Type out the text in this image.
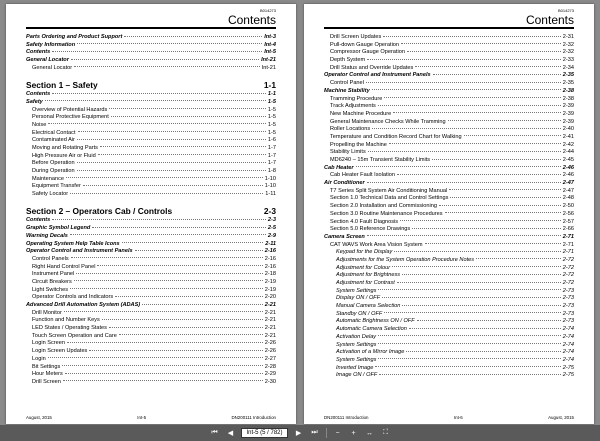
B014273
Contents
Parts Ordering and Product Support	Int-3
Safety Information	Int-4
Contents	Int-5
General Locator	Int-21
General Locator	Int-21
Section 1 – Safety	1-1
Contents	1-1
Safety	1-5
Overview of Potential Hazards	1-5
Personal Protective Equipment	1-5
Noise	1-5
Electrical Contact	1-5
Contaminated Air	1-6
Moving and Rotating Parts	1-7
High Pressure Air or Fluid	1-7
Before Operation	1-7
During Operation	1-8
Maintenance	1-10
Equipment Transfer	1-10
Safety Locator	1-11
Section 2 – Operators Cab / Controls	2-3
Contents	2-3
Graphic Symbol Legend	2-5
Warning Decals	2-9
Operating System Help Table Icons	2-11
Operator Control and Instrument Panels	2-16
Control Panels	2-16
Right Hand Control Panel	2-16
Instrument Panel	2-18
Circuit Breakers	2-19
Light Switches	2-19
Operator Controls and Indicators	2-20
Advanced Drill Automation System (ADAS)	2-21
Drill Monitor	2-21
Function and Number Keys	2-21
LED States / Operating States	2-21
Touch Screen Operation and Care	2-21
Login Screen	2-26
Login Screen Updates	2-26
Login	2-27
Bit Settings	2-28
Hour Meters	2-29
Drill Screen	2-30
August, 2015	Int-5	DN200111 Introduction
B014273
Contents
Drill Screen Updates	2-31
Pull-down Gauge Operation	2-32
Compressor Gauge Operation	2-32
Depth System	2-33
Drill Status and Override Updates	2-34
Operator Control and Instrument Panels	2-35
Control Panel	2-35
Machine Stability	2-38
Tramming Procedure	2-38
Track Adjustments	2-39
New Machine Procedure	2-39
General Maintenance Checks While Tramming	2-39
Roller Locations	2-40
Temperature and Condition Record Chart for Walking	2-41
Propelling the Machine	2-42
Stability Limits	2-44
MD6240 – 15m Transient Stability Limits	2-45
Cab Heater	2-46
Cab Heater Fault Isolation	2-46
Air Conditioner	2-47
T7 Series Split System Air Conditioning Manual	2-47
Section 1.0 Technical Data and Control Settings	2-48
Section 2.0 Installation and Commissioning	2-50
Section 3.0 Routine Maintenance Procedures	2-56
Section 4.0 Fault Diagnosis	2-57
Section 5.0 Reference Drawings	2-66
Camera Screen	2-71
CAT WAVS Work Area Vision System	2-71
Keypad for the Display	2-71
Adjustments for the System Operation Procedure Notes	2-72
Adjustment for Colour	2-72
Adjustment for Brightness	2-72
Adjustment for Contrast	2-72
System Settings	2-73
Display ON / OFF	2-73
Manual Camera Selection	2-73
Standby ON / OFF	2-73
Automatic Brightness ON / OFF	2-73
Automatic Camera Selection	2-74
Activation Delay	2-74
System Settings	2-74
Activation of a Mirror Image	2-74
System Settings	2-74
Inverted Image	2-75
Image ON / OFF	2-75
DN200111 Introduction	Int-6	August, 2015
⏮	◀	Int-5 (5 / 782)	▶	⏭	−	+	↔	⛶
